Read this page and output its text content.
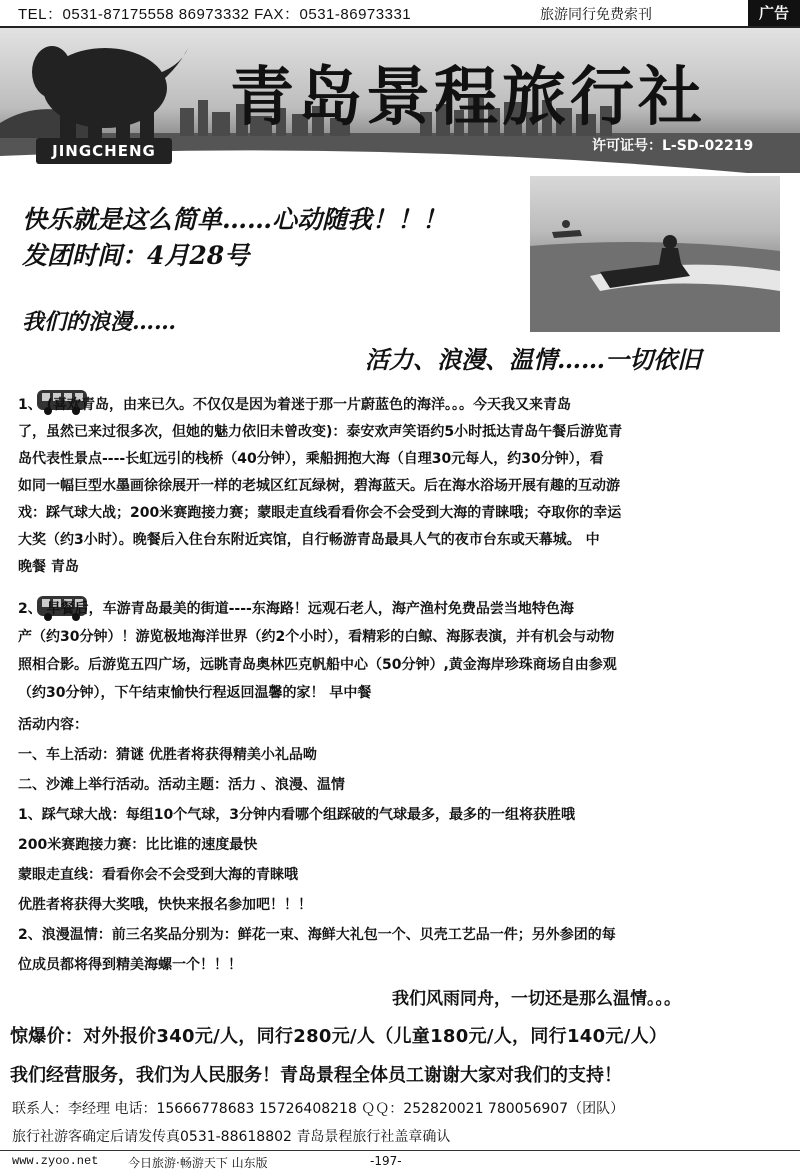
TEL：0531-87175558 86973332 FAX：0531-86973331	旅游同行免费索刊	广告
青岛景程旅行社
JINGCHENG	许可证号：L-SD-02219
快乐就是这么简单……心动随我！！！
发团时间：4月28号
我们的浪漫……
活力、浪漫、温情……一切依旧
1、 (喜欢青岛，由来已久。不仅仅是因为着迷于那一片蔚蓝色的海洋。。。今天我又来青岛
了，虽然已来过很多次，但她的魅力依旧未曾改变)：泰安欢声笑语约5小时抵达青岛午餐后游览青
岛代表性景点----长虹远引的栈桥（40分钟），乘船拥抱大海（自理30元每人，约30分钟），看
如同一幅巨型水墨画徐徐展开一样的老城区红瓦绿树，碧海蓝天。后在海水浴场开展有趣的互动游
戏：踩气球大战；200米赛跑接力赛；蒙眼走直线看看你会不会受到大海的青睐哦；夺取你的幸运
大奖（约3小时）。晚餐后入住台东附近宾馆，自行畅游青岛最具人气的夜市台东或天幕城。 中
晚餐 青岛
2、 早餐后，车游青岛最美的街道----东海路！远观石老人，海产渔村免费品尝当地特色海
产（约30分钟）！游览极地海洋世界（约2个小时），看精彩的白鲸、海豚表演，并有机会与动物
照相合影。后游览五四广场，远眺青岛奥林匹克帆船中心（50分钟）,黄金海岸珍珠商场自由参观
（约30分钟），下午结束愉快行程返回温馨的家！ 早中餐
活动内容：
一、车上活动：猜谜 优胜者将获得精美小礼品呦
二、沙滩上举行活动。活动主题：活力 、浪漫、温情
1、踩气球大战：每组10个气球，3分钟内看哪个组踩破的气球最多，最多的一组将获胜哦
200米赛跑接力赛：比比谁的速度最快
蒙眼走直线：看看你会不会受到大海的青睐哦
优胜者将获得大奖哦，快快来报名参加吧！！！
2、浪漫温情：前三名奖品分别为：鲜花一束、海鲜大礼包一个、贝壳工艺品一件；另外参团的每
位成员都将得到精美海螺一个！！！
我们风雨同舟，一切还是那么温情。。。
惊爆价：对外报价340元/人，同行280元/人（儿童180元/人，同行140元/人）
我们经营服务，我们为人民服务！青岛景程全体员工谢谢大家对我们的支持！
联系人：李经理 电话：15666778683 15726408218 ＱＱ：252820021 780056907（团队）
旅行社游客确定后请发传真0531-88618802 青岛景程旅行社盖章确认
www.zyoo.net 今日旅游·畅游天下 山东版	-197-
